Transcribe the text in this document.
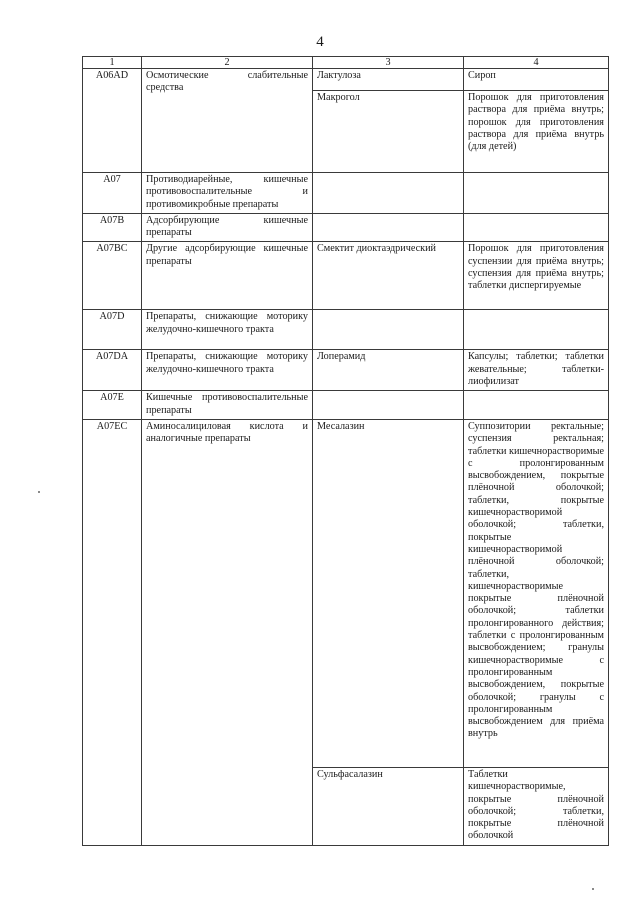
4
1	2	3	4
A06AD	Осмотические слабительные средства	Лактулоза	Сироп
		Макрогол	Порошок для приготовления раствора для приёма внутрь; порошок для приготовления раствора для приёма внутрь (для детей)
A07	Противодиарейные, кишечные противовоспалительные и противомикробные препараты		
A07B	Адсорбирующие кишечные препараты		
A07BC	Другие адсорбирующие кишечные препараты	Смектит диоктаэдрический	Порошок для приготовления суспензии для приёма внутрь; суспензия для приёма внутрь; таблетки диспергируемые
A07D	Препараты, снижающие моторику желудочно-кишечного тракта		
A07DA	Препараты, снижающие моторику желудочно-кишечного тракта	Лоперамид	Капсулы; таблетки; таблетки жевательные; таблетки-лиофилизат
A07E	Кишечные противовоспалительные препараты		
A07EC	Аминосалициловая кислота и аналогичные препараты	Месалазин	Суппозитории ректальные; суспензия ректальная; таблетки кишечнорастворимые с пролонгированным высвобождением, покрытые плёночной оболочкой; таблетки, покрытые кишечнорастворимой оболочкой; таблетки, покрытые кишечнорастворимой плёночной оболочкой; таблетки, кишечнорастворимые покрытые плёночной оболочкой; таблетки пролонгированного действия; таблетки с пролонгированным высвобождением; гранулы кишечнорастворимые с пролонгированным высвобождением, покрытые оболочкой; гранулы с пролонгированным высвобождением для приёма внутрь
		Сульфасалазин	Таблетки кишечнорастворимые, покрытые плёночной оболочкой; таблетки, покрытые плёночной оболочкой
